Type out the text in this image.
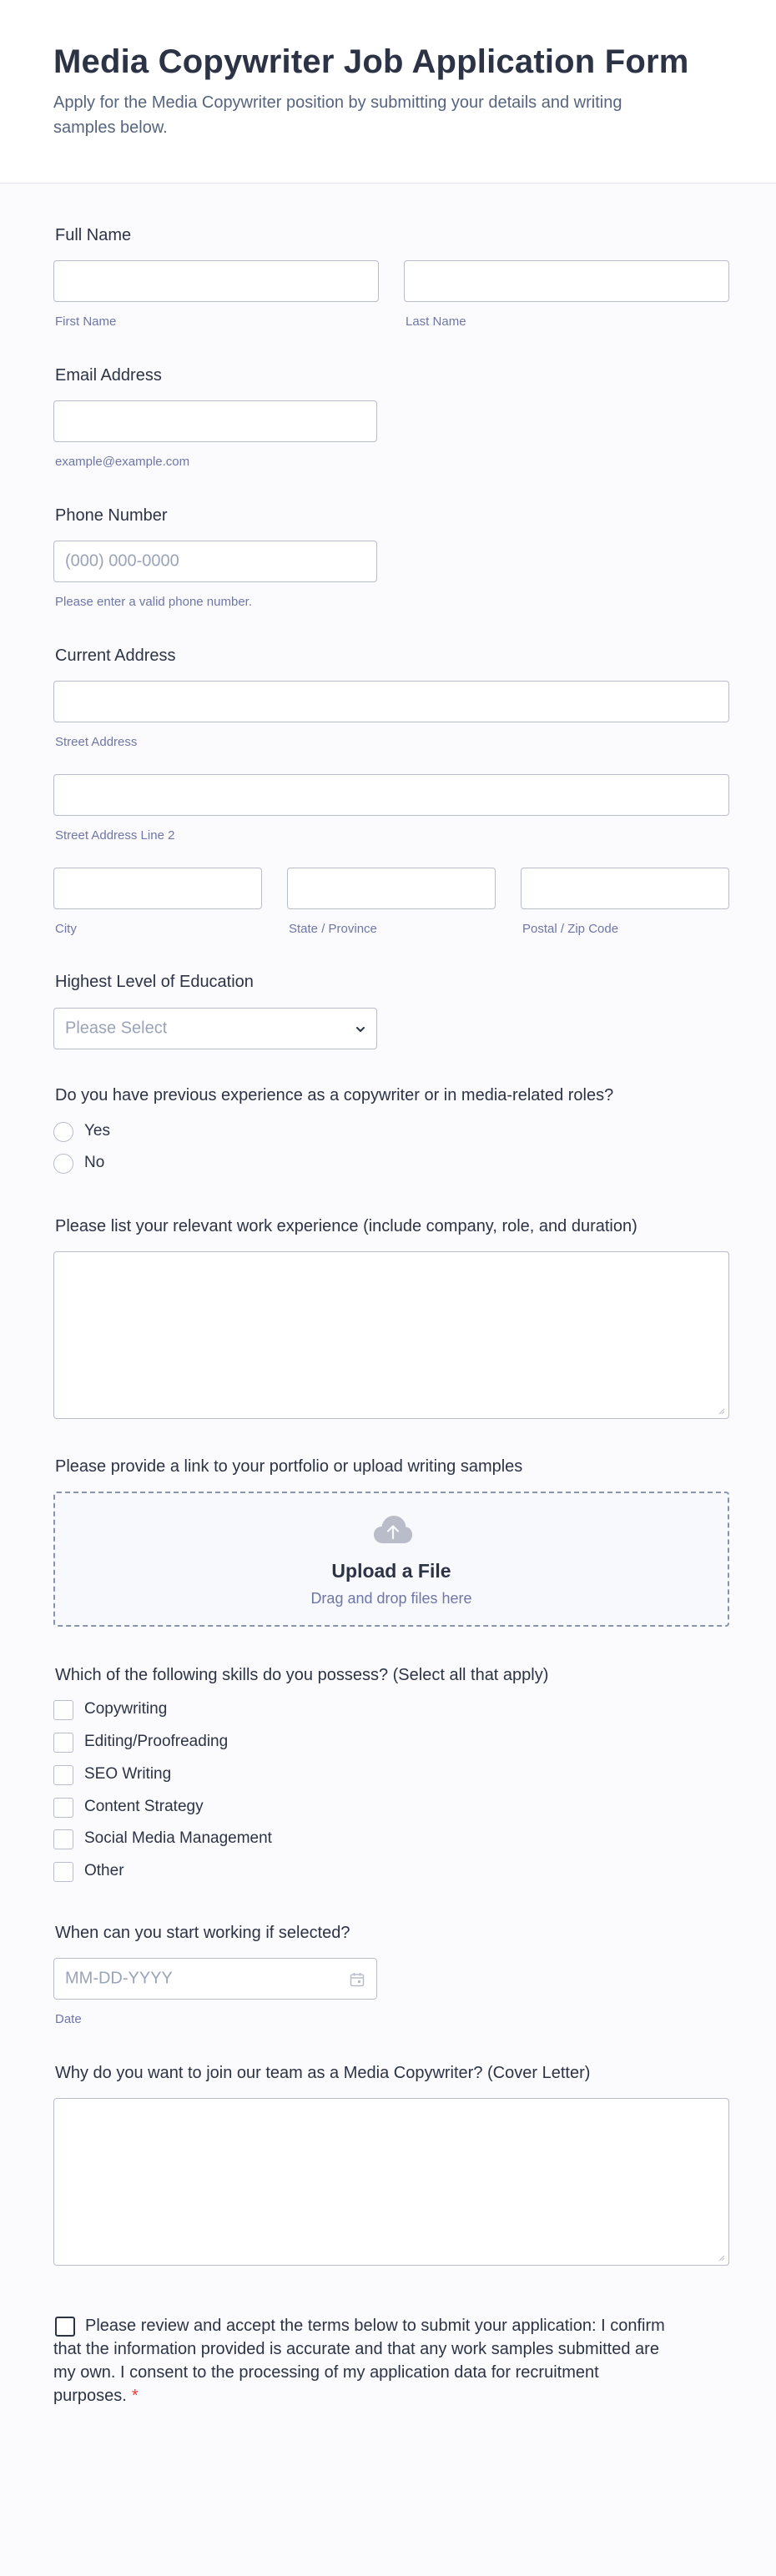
Media Copywriter Job Application Form
Apply for the Media Copywriter position by submitting your details and writing samples below.
Full Name
First Name	Last Name
Email Address
example@example.com
Phone Number
(000) 000-0000
Please enter a valid phone number.
Current Address
Street Address
Street Address Line 2
City	State / Province	Postal / Zip Code
Highest Level of Education
Please Select
Do you have previous experience as a copywriter or in media-related roles?
Yes
No
Please list your relevant work experience (include company, role, and duration)
Please provide a link to your portfolio or upload writing samples
Upload a File
Drag and drop files here
Which of the following skills do you possess? (Select all that apply)
Copywriting
Editing/Proofreading
SEO Writing
Content Strategy
Social Media Management
Other
When can you start working if selected?
MM-DD-YYYY
Date
Why do you want to join our team as a Media Copywriter? (Cover Letter)
Please review and accept the terms below to submit your application: I confirm that the information provided is accurate and that any work samples submitted are my own. I consent to the processing of my application data for recruitment purposes. *
